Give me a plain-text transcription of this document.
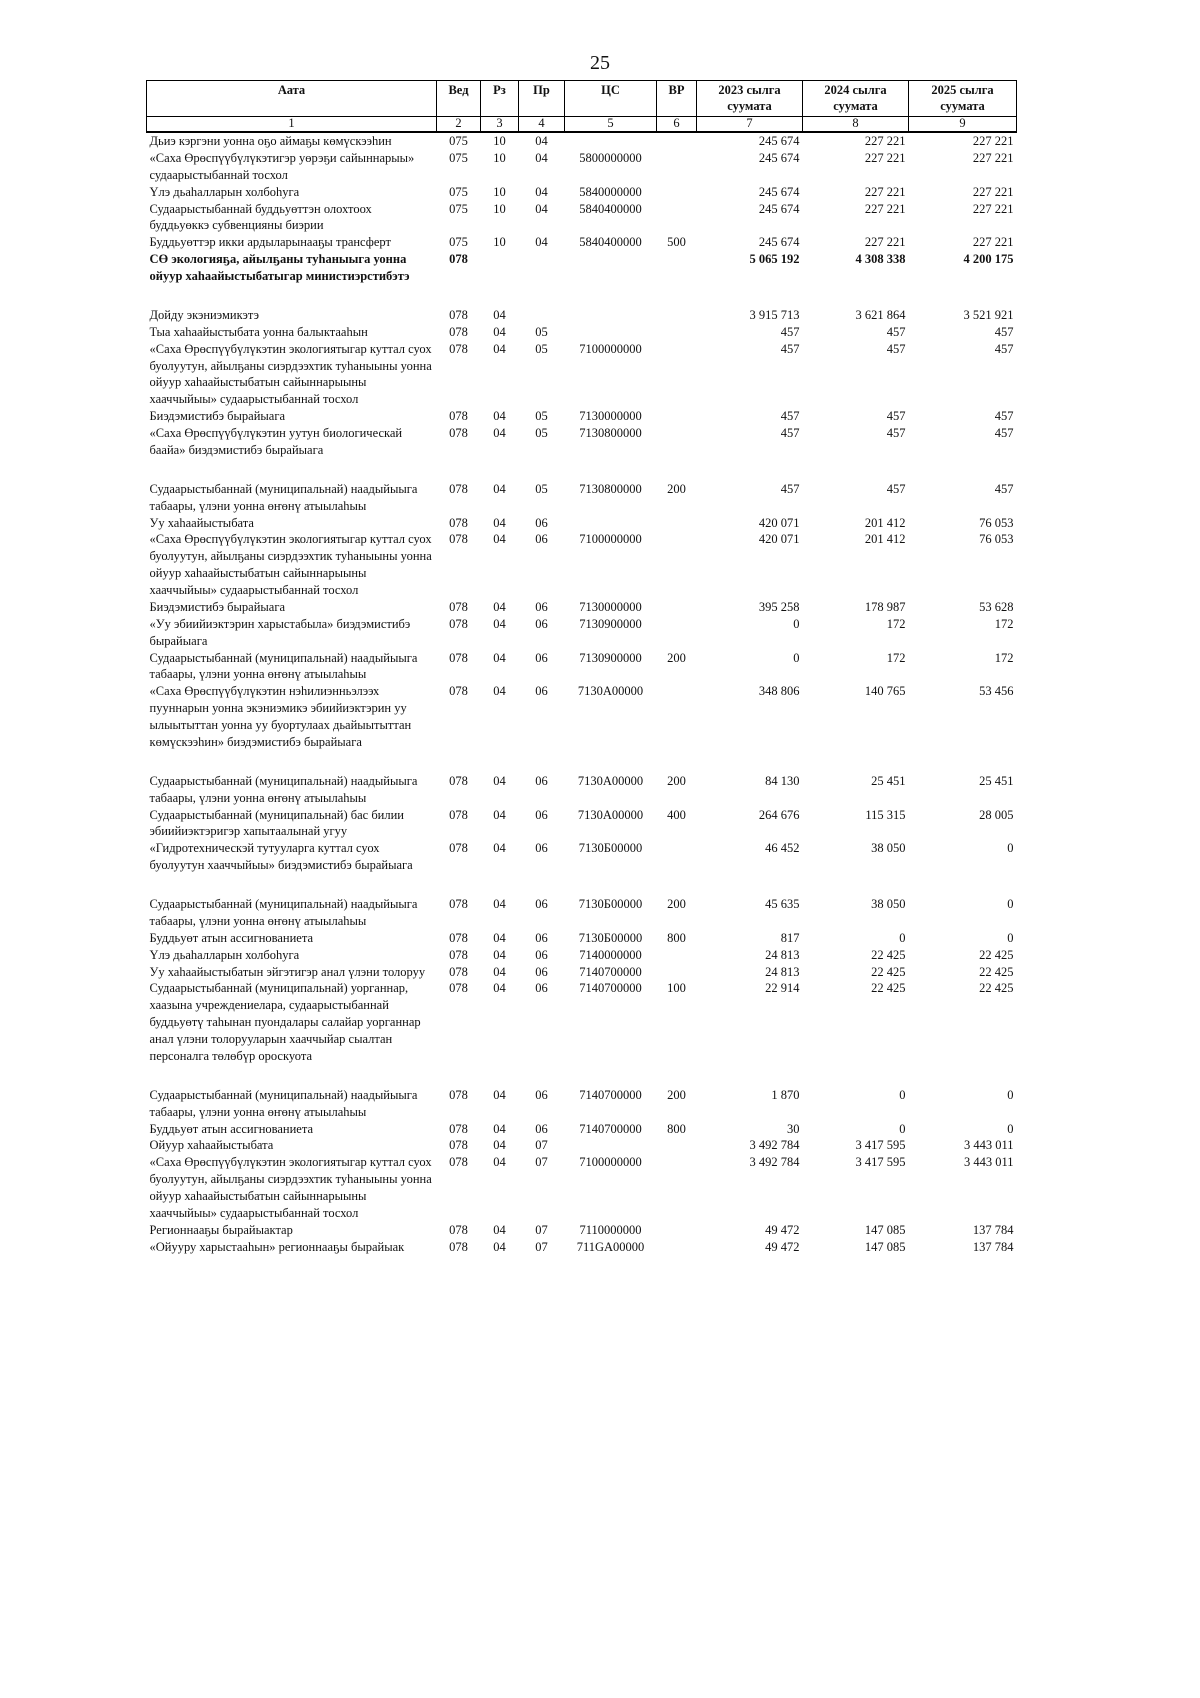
25
Аата	Вед	Рз	Пр	ЦС	ВР	2023 сылга суумата	2024 сылга суумата	2025 сылга суумата
1	2	3	4	5	6	7	8	9
Дьиэ кэргэни уонна оҕо аймаҕы көмүскээһин	075	10	04			245 674	227 221	227 221
«Саха Өрөспүүбүлүкэтигэр уөрэҕи сайыннарыы» судаарыстыбаннай тосхол	075	10	04	5800000000		245 674	227 221	227 221
Үлэ дьаһалларын холбоһуга	075	10	04	5840000000		245 674	227 221	227 221
Судаарыстыбаннай буддьуөттэн олохтоох буддьуөккэ субвенцияны биэрии	075	10	04	5840400000		245 674	227 221	227 221
Буддьуөттэр икки ардыларынааҕы трансферт	075	10	04	5840400000	500	245 674	227 221	227 221
СӨ экологияҕа, айылҕаны туһаныыга уонна ойуур хаһаайыстыбатыгар министиэрстибэтэ	078					5 065 192	4 308 338	4 200 175

Дойду экэниэмикэтэ	078	04				3 915 713	3 621 864	3 521 921
Тыа хаһаайыстыбата уонна балыктааһын	078	04	05			457	457	457
«Саха Өрөспүүбүлүкэтин экологиятыгар куттал суох буолуутун, айылҕаны сиэрдээхтик туһаныыны уонна ойуур хаһаайыстыбатын сайыннарыыны хааччыйыы» судаарыстыбаннай тосхол	078	04	05	7100000000		457	457	457
Биэдэмистибэ бырайыага	078	04	05	7130000000		457	457	457
«Саха Өрөспүүбүлүкэтин уутун биологическай баайа» биэдэмистибэ бырайыага	078	04	05	7130800000		457	457	457

Судаарыстыбаннай (муниципальнай) наадыйыыга табаары, үлэни уонна өҥөнү атыылаһыы	078	04	05	7130800000	200	457	457	457
Уу хаһаайыстыбата	078	04	06			420 071	201 412	76 053
«Саха Өрөспүүбүлүкэтин экологиятыгар куттал суох буолуутун, айылҕаны сиэрдээхтик туһаныыны уонна ойуур хаһаайыстыбатын сайыннарыыны хааччыйыы» судаарыстыбаннай тосхол	078	04	06	7100000000		420 071	201 412	76 053
Биэдэмистибэ бырайыага	078	04	06	7130000000		395 258	178 987	53 628
«Уу эбиийиэктэрин харыстабыла» биэдэмистибэ бырайыага	078	04	06	7130900000		0	172	172
Судаарыстыбаннай (муниципальнай) наадыйыыга табаары, үлэни уонна өҥөнү атыылаһыы	078	04	06	7130900000	200	0	172	172
«Саха Өрөспүүбүлүкэтин нэһилиэнньэлээх пууннарын уонна экэниэмикэ эбиийиэктэрин уу ылыытыттан уонна уу буортулаах дьайыытыттан көмүскээһин» биэдэмистибэ бырайыага	078	04	06	7130A00000		348 806	140 765	53 456

Судаарыстыбаннай (муниципальнай) наадыйыыга табаары, үлэни уонна өҥөнү атыылаһыы	078	04	06	7130A00000	200	84 130	25 451	25 451
Судаарыстыбаннай (муниципальнай) бас билии эбиийиэктэригэр хапытаалынай угуу	078	04	06	7130A00000	400	264 676	115 315	28 005
«Гидротехническэй тутууларга куттал суох буолуутун хааччыйыы» биэдэмистибэ бырайыага	078	04	06	7130Б00000		46 452	38 050	0

Судаарыстыбаннай (муниципальнай) наадыйыыга табаары, үлэни уонна өҥөнү атыылаһыы	078	04	06	7130Б00000	200	45 635	38 050	0
Буддьуөт атын ассигнованиета	078	04	06	7130Б00000	800	817	0	0
Үлэ дьаһалларын холбоһуга	078	04	06	7140000000		24 813	22 425	22 425
Уу хаһаайыстыбатын эйгэтигэр анал үлэни толоруу	078	04	06	7140700000		24 813	22 425	22 425
Судаарыстыбаннай (муниципальнай) уорганнар, хаазына учреждениелара, судаарыстыбаннай буддьуөтү таһынан пуондалары салайар уорганнар анал үлэни толорууларын хааччыйар сыалтан персоналга төлөбүр ороскуота	078	04	06	7140700000	100	22 914	22 425	22 425

Судаарыстыбаннай (муниципальнай) наадыйыыга табаары, үлэни уонна өҥөнү атыылаһыы	078	04	06	7140700000	200	1 870	0	0
Буддьуөт атын ассигнованиета	078	04	06	7140700000	800	30	0	0
Ойуур хаһаайыстыбата	078	04	07			3 492 784	3 417 595	3 443 011
«Саха Өрөспүүбүлүкэтин экологиятыгар куттал суох буолуутун, айылҕаны сиэрдээхтик туһаныыны уонна ойуур хаһаайыстыбатын сайыннарыыны хааччыйыы» судаарыстыбаннай тосхол	078	04	07	7100000000		3 492 784	3 417 595	3 443 011
Регионнааҕы бырайыактар	078	04	07	7110000000		49 472	147 085	137 784
«Ойууру харыстааһын» регионнааҕы бырайыак	078	04	07	711GA00000		49 472	147 085	137 784
